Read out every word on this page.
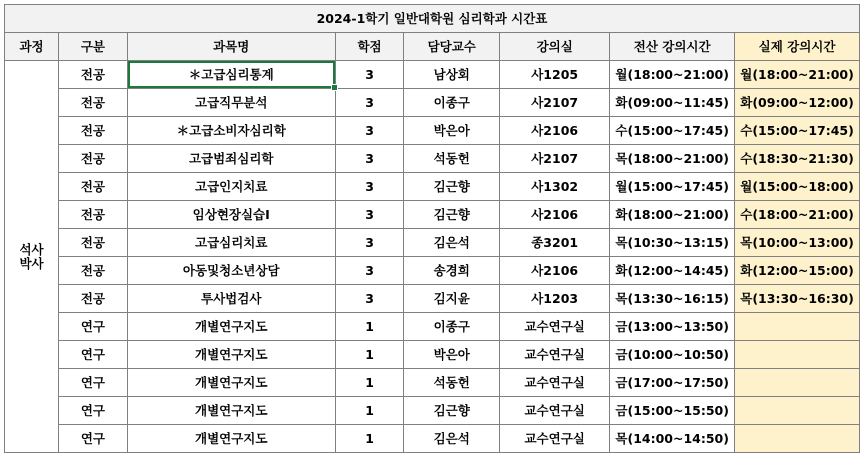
2024-1학기 일반대학원 심리학과 시간표							
과정	구분	과목명	학점	담당교수	강의실	전산 강의시간	실제 강의시간

석사
박사	전공	＊고급심리통계	3	남상회	사1205	월(18:00~21:00)	월(18:00~21:00)
	전공	고급직무분석	3	이종구	사2107	화(09:00~11:45)	화(09:00~12:00)
	전공	＊고급소비자심리학	3	박은아	사2106	수(15:00~17:45)	수(15:00~17:45)
	전공	고급범죄심리학	3	석동헌	사2107	목(18:00~21:00)	수(18:30~21:30)
	전공	고급인지치료	3	김근향	사1302	월(15:00~17:45)	월(15:00~18:00)
	전공	임상현장실습Ⅰ	3	김근향	사2106	화(18:00~21:00)	수(18:00~21:00)
	전공	고급심리치료	3	김은석	종3201	목(10:30~13:15)	목(10:00~13:00)
	전공	아동및청소년상담	3	송경희	사2106	화(12:00~14:45)	화(12:00~15:00)
	전공	투사법검사	3	김지윤	사1203	목(13:30~16:15)	목(13:30~16:30)
	연구	개별연구지도	1	이종구	교수연구실	금(13:00~13:50)	
	연구	개별연구지도	1	박은아	교수연구실	금(10:00~10:50)	
	연구	개별연구지도	1	석동헌	교수연구실	금(17:00~17:50)	
	연구	개별연구지도	1	김근향	교수연구실	금(15:00~15:50)	
	연구	개별연구지도	1	김은석	교수연구실	목(14:00~14:50)	
